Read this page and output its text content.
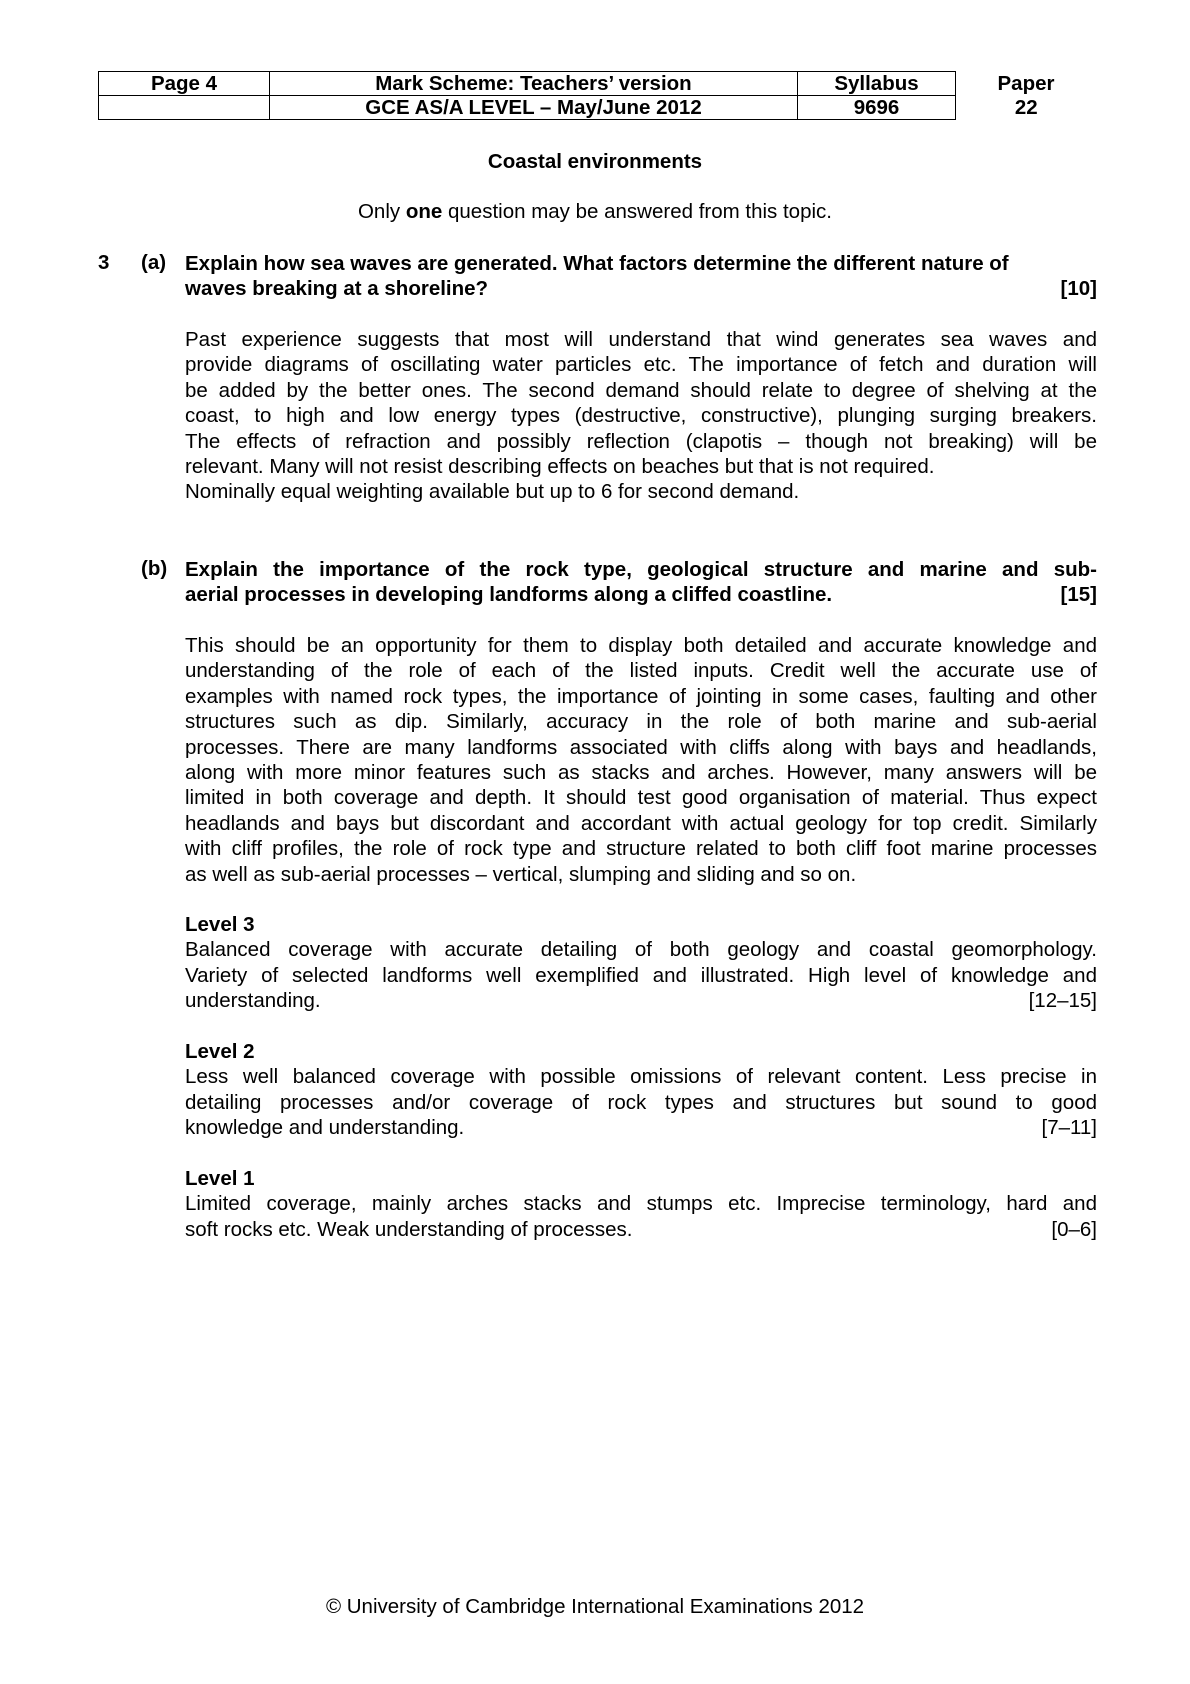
Page 4	Mark Scheme: Teachers’ version	Syllabus	Paper
	GCE AS/A LEVEL – May/June 2012	9696	22
Coastal environments
Only one question may be answered from this topic.
3 (a) Explain how sea waves are generated. What factors determine the different nature of
waves breaking at a shoreline?	[10]
Past experience suggests that most will understand that wind generates sea waves and
provide diagrams of oscillating water particles etc. The importance of fetch and duration will
be added by the better ones. The second demand should relate to degree of shelving at the
coast, to high and low energy types (destructive, constructive), plunging surging breakers.
The effects of refraction and possibly reflection (clapotis – though not breaking) will be
relevant. Many will not resist describing effects on beaches but that is not required.
Nominally equal weighting available but up to 6 for second demand.
(b) Explain the importance of the rock type, geological structure and marine and sub-
aerial processes in developing landforms along a cliffed coastline.	[15]
This should be an opportunity for them to display both detailed and accurate knowledge and
understanding of the role of each of the listed inputs. Credit well the accurate use of
examples with named rock types, the importance of jointing in some cases, faulting and other
structures such as dip. Similarly, accuracy in the role of both marine and sub-aerial
processes. There are many landforms associated with cliffs along with bays and headlands,
along with more minor features such as stacks and arches. However, many answers will be
limited in both coverage and depth. It should test good organisation of material. Thus expect
headlands and bays but discordant and accordant with actual geology for top credit. Similarly
with cliff profiles, the role of rock type and structure related to both cliff foot marine processes
as well as sub-aerial processes – vertical, slumping and sliding and so on.
Level 3
Balanced coverage with accurate detailing of both geology and coastal geomorphology.
Variety of selected landforms well exemplified and illustrated. High level of knowledge and
understanding.	[12–15]
Level 2
Less well balanced coverage with possible omissions of relevant content. Less precise in
detailing processes and/or coverage of rock types and structures but sound to good
knowledge and understanding.	[7–11]
Level 1
Limited coverage, mainly arches stacks and stumps etc. Imprecise terminology, hard and
soft rocks etc. Weak understanding of processes.	[0–6]
© University of Cambridge International Examinations 2012
